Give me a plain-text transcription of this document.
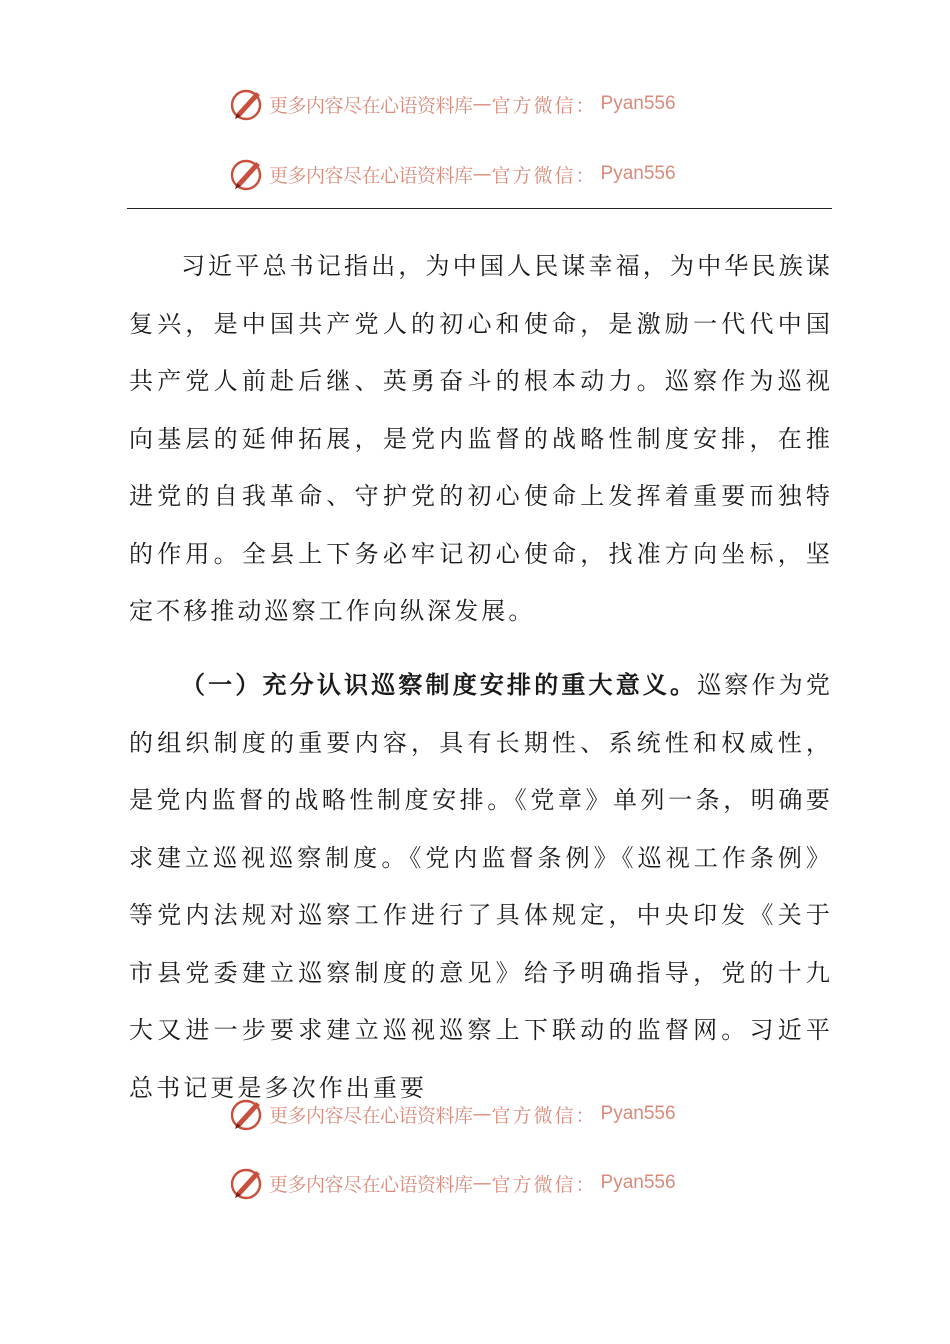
更多内容尽在心语资料库 — 官方微信： Pyan556
更多内容尽在心语资料库 — 官方微信： Pyan556

习近平总书记指出，为中国人民谋幸福，为中华民族谋复兴，是中国共产党人的初心和使命，是激励一代代中国共产党人前赴后继、英勇奋斗的根本动力。巡察作为巡视向基层的延伸拓展，是党内监督的战略性制度安排，在推进党的自我革命、守护党的初心使命上发挥着重要而独特的作用。全县上下务必牢记初心使命，找准方向坐标，坚定不移推动巡察工作向纵深发展。

（一）充分认识巡察制度安排的重大意义。巡察作为党的组织制度的重要内容，具有长期性、系统性和权威性，是党内监督的战略性制度安排。《党章》单列一条，明确要求建立巡视巡察制度。《党内监督条例》《巡视工作条例》等党内法规对巡察工作进行了具体规定，中央印发《关于市县党委建立巡察制度的意见》给予明确指导，党的十九大又进一步要求建立巡视巡察上下联动的监督网。习近平总书记更是多次作出重要

更多内容尽在心语资料库 — 官方微信： Pyan556
更多内容尽在心语资料库 — 官方微信： Pyan556
